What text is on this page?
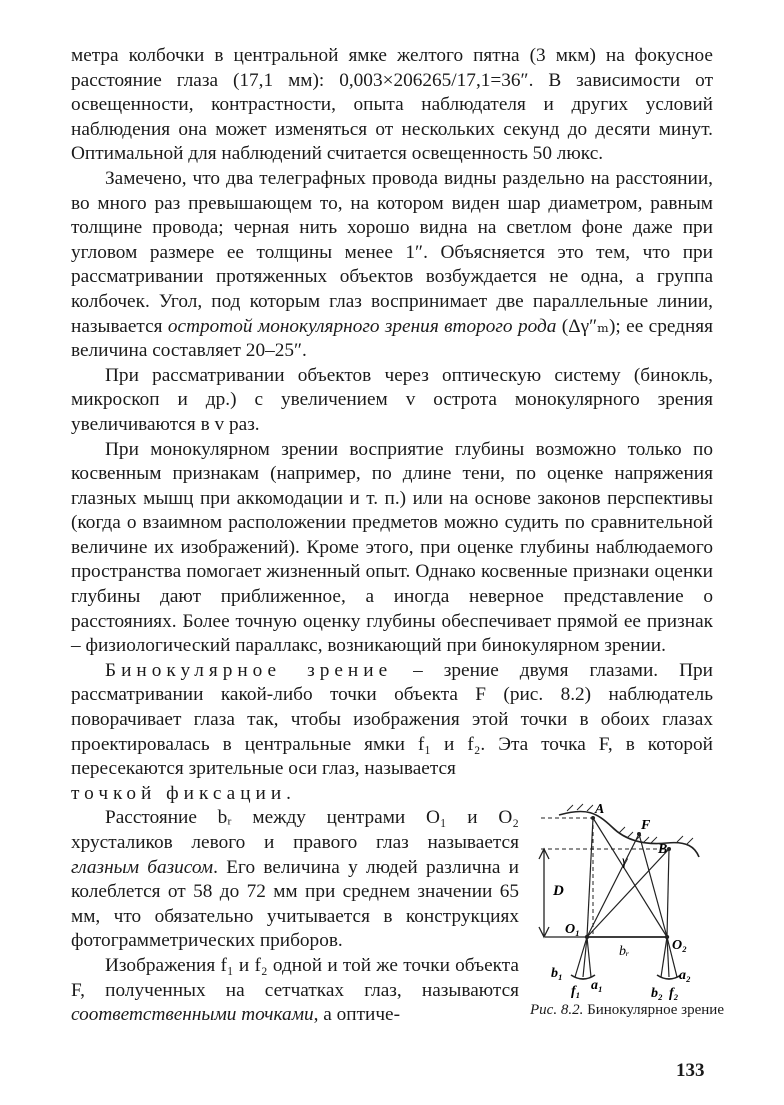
метра колбочки в центральной ямке желтого пятна (3 мкм) на фокусное расстояние глаза (17,1 мм): 0,003×206265/17,1=36″. В зависимости от освещенности, контрастности, опыта наблюдателя и других условий наблюдения она может изменяться от нескольких секунд до десяти минут. Оптимальной для наблюдений считается освещенность 50 люкс.

Замечено, что два телеграфных провода видны раздельно на расстоянии, во много раз превышающем то, на котором виден шар диаметром, равным толщине провода; черная нить хорошо видна на светлом фоне даже при угловом размере ее толщины менее 1″. Объясняется это тем, что при рассматривании протяженных объектов возбуждается не одна, а группа колбочек. Угол, под которым глаз воспринимает две параллельные линии, называется остротой монокулярного зрения второго рода (Δγ″ₘ); ее средняя величина составляет 20–25″.

При рассматривании объектов через оптическую систему (бинокль, микроскоп и др.) с увеличением v острота монокулярного зрения увеличиваются в v раз.

При монокулярном зрении восприятие глубины возможно только по косвенным признакам (например, по длине тени, по оценке напряжения глазных мышц при аккомодации и т. п.) или на основе законов перспективы (когда о взаимном расположении предметов можно судить по сравнительной величине их изображений). Кроме этого, при оценке глубины наблюдаемого пространства помогает жизненный опыт. Однако косвенные признаки оценки глубины дают приближенное, а иногда неверное представление о расстояниях. Более точную оценку глубины обеспечивает прямой ее признак – физиологический параллакс, возникающий при бинокулярном зрении.

Бинокулярное зрение – зрение двумя глазами. При рассматривании какой-либо точки объекта F (рис. 8.2) наблюдатель поворачивает глаза так, чтобы изображения этой точки в обоих глазах проектировалась в центральные ямки f₁ и f₂. Эта точка F, в которой пересекаются зрительные оси глаз, называется

точкой фиксации.

Расстояние bᵣ между центрами O₁ и O₂ хрусталиков левого и правого глаз называется глазным базисом. Его величина у людей различна и колеблется от 58 до 72 мм при среднем значении 65 мм, что обязательно учитывается в конструкциях фотограмметрических приборов.

Изображения f₁ и f₂ одной и той же точки объекта F, полученных на сетчатках глаз, называются соответственными точками, а оптиче-

A
F
B
γ
D
O₁
O₂
bᵣ
b₁
f₁ a₁
b₂ f₂
a₂
Рис. 8.2. Бинокулярное зрение
133
